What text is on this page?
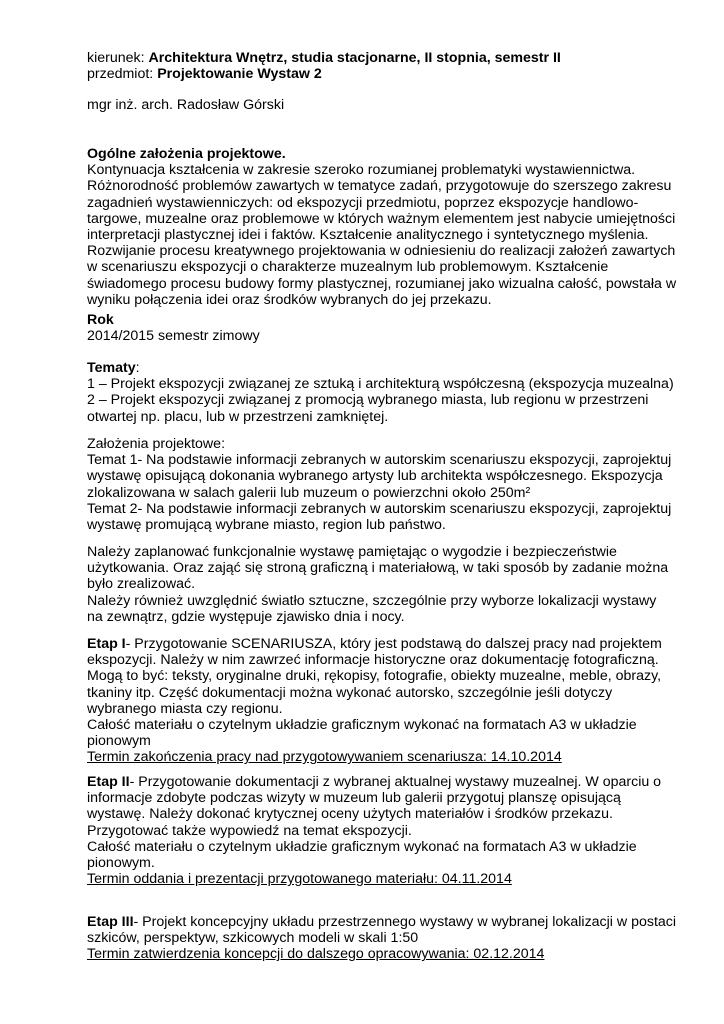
kierunek: Architektura Wnętrz, studia stacjonarne, II stopnia, semestr II
przedmiot: Projektowanie Wystaw 2
mgr inż. arch. Radosław Górski
Ogólne założenia projektowe.
Kontynuacja kształcenia w zakresie szeroko rozumianej problematyki wystawiennictwa.
Różnorodność problemów zawartych w tematyce zadań, przygotowuje do szerszego zakresu
zagadnień wystawienniczych: od ekspozycji przedmiotu, poprzez ekspozycje handlowo-
targowe, muzealne oraz problemowe w których ważnym elementem jest nabycie umiejętności
interpretacji plastycznej idei i faktów. Kształcenie analitycznego i syntetycznego myślenia.
Rozwijanie procesu kreatywnego projektowania w odniesieniu do realizacji założeń zawartych
w scenariuszu ekspozycji o charakterze muzealnym lub problemowym. Kształcenie
świadomego procesu budowy formy plastycznej, rozumianej jako wizualna całość, powstała w
wyniku połączenia idei oraz środków wybranych do jej przekazu.
Rok
2014/2015 semestr zimowy
Tematy:
1 – Projekt ekspozycji związanej ze sztuką i architekturą współczesną (ekspozycja muzealna)
2 – Projekt ekspozycji związanej z promocją wybranego miasta, lub regionu w przestrzeni
otwartej np. placu, lub w przestrzeni zamkniętej.
Założenia projektowe:
Temat 1- Na podstawie informacji zebranych w autorskim scenariuszu ekspozycji, zaprojektuj
wystawę opisującą dokonania wybranego artysty lub architekta współczesnego. Ekspozycja
zlokalizowana w salach galerii lub muzeum o powierzchni około 250m²
Temat 2- Na podstawie informacji zebranych w autorskim scenariuszu ekspozycji, zaprojektuj
wystawę promującą wybrane miasto, region lub państwo.
Należy zaplanować funkcjonalnie wystawę pamiętając o wygodzie i bezpieczeństwie
użytkowania. Oraz zająć się stroną graficzną i materiałową, w taki sposób by zadanie można
było zrealizować.
Należy również uwzględnić światło sztuczne, szczególnie przy wyborze lokalizacji wystawy
na zewnątrz, gdzie występuje zjawisko dnia i nocy.
Etap I- Przygotowanie SCENARIUSZA, który jest podstawą do dalszej pracy nad projektem
ekspozycji. Należy w nim zawrzeć informacje historyczne oraz dokumentację fotograficzną.
Mogą to być: teksty, oryginalne druki, rękopisy, fotografie, obiekty muzealne, meble, obrazy,
tkaniny itp. Część dokumentacji można wykonać autorsko, szczególnie jeśli dotyczy
wybranego miasta czy regionu.
Całość materiału o czytelnym układzie graficznym wykonać na formatach A3 w układzie
pionowym
Termin zakończenia pracy nad przygotowywaniem scenariusza: 14.10.2014
Etap II- Przygotowanie dokumentacji z wybranej aktualnej wystawy muzealnej. W oparciu o
informacje zdobyte podczas wizyty w muzeum lub galerii przygotuj planszę opisującą
wystawę. Należy dokonać krytycznej oceny użytych materiałów i środków przekazu.
Przygotować także wypowiedź na temat ekspozycji.
Całość materiału o czytelnym układzie graficznym wykonać na formatach A3 w układzie
pionowym.
Termin oddania i prezentacji przygotowanego materiału: 04.11.2014
Etap III- Projekt koncepcyjny układu przestrzennego wystawy w wybranej lokalizacji w postaci
szkiców, perspektyw, szkicowych modeli w skali 1:50
Termin zatwierdzenia koncepcji do dalszego opracowywania: 02.12.2014
